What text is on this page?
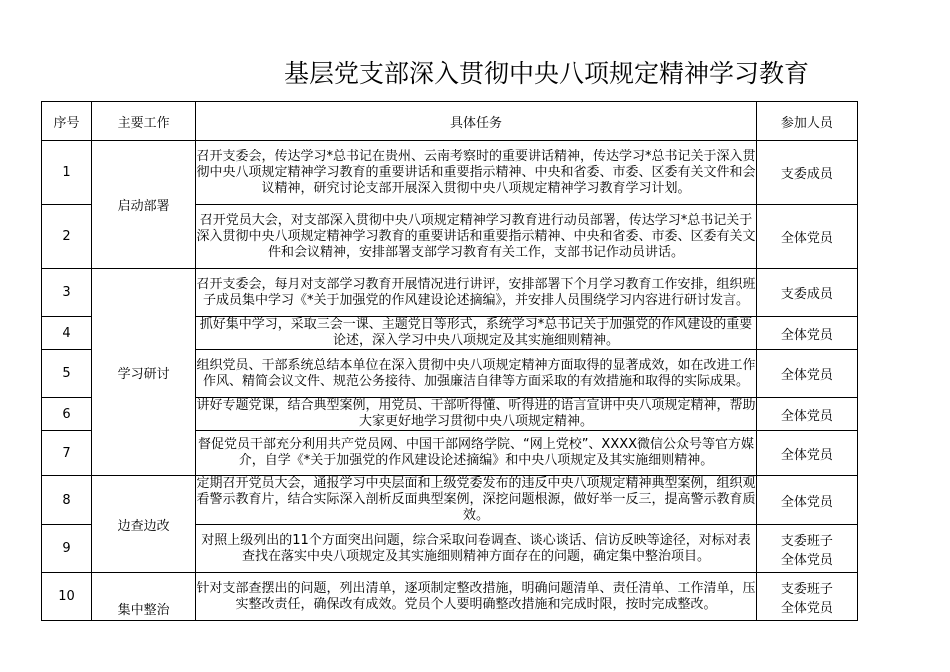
基层党支部深入贯彻中央八项规定精神学习教育
序号	主要工作	具体任务	参加人员
1	启动部署	召开支委会，传达学习*总书记在贵州、云南考察时的重要讲话精神，传达学习*总书记关于深入贯彻中央八项规定精神学习教育的重要讲话和重要指示精神、中央和省委、市委、区委有关文件和会议精神，研究讨论支部开展深入贯彻中央八项规定精神学习教育学习计划。	支委成员

2		召开党员大会，对支部深入贯彻中央八项规定精神学习教育进行动员部署，传达学习*总书记关于深入贯彻中央八项规定精神学习教育的重要讲话和重要指示精神、中央和省委、市委、区委有关文件和会议精神，安排部署支部学习教育有关工作，支部书记作动员讲话。	全体党员

3	学习研讨	召开支委会，每月对支部学习教育开展情况进行讲评，安排部署下个月学习教育工作安排，组织班子成员集中学习《*关于加强党的作风建设论述摘编》，并安排人员围绕学习内容进行研讨发言。	支委成员

4		抓好集中学习，采取三会一课、主题党日等形式，系统学习*总书记关于加强党的作风建设的重要论述，深入学习中央八项规定及其实施细则精神。	全体党员

5		组织党员、干部系统总结本单位在深入贯彻中央八项规定精神方面取得的显著成效，如在改进工作作风、精简会议文件、规范公务接待、加强廉洁自律等方面采取的有效措施和取得的实际成果。	全体党员

6		讲好专题党课，结合典型案例，用党员、干部听得懂、听得进的语言宣讲中央八项规定精神，帮助大家更好地学习贯彻中央八项规定精神。	全体党员

7		督促党员干部充分利用共产党员网、中国干部网络学院、“网上党校”、XXXX微信公众号等官方媒介，自学《*关于加强党的作风建设论述摘编》和中央八项规定及其实施细则精神。	全体党员

8	边查边改	定期召开党员大会，通报学习中央层面和上级党委发布的违反中央八项规定精神典型案例，组织观看警示教育片，结合实际深入剖析反面典型案例，深挖问题根源，做好举一反三，提高警示教育质效。	全体党员

9		对照上级列出的11个方面突出问题，综合采取问卷调查、谈心谈话、信访反映等途径，对标对表查找在落实中央八项规定及其实施细则精神方面存在的问题，确定集中整治项目。	支委班子
全体党员

10	集中整治	针对支部查摆出的问题，列出清单，逐项制定整改措施，明确问题清单、责任清单、工作清单，压实整改责任，确保改有成效。党员个人要明确整改措施和完成时限，按时完成整改。	支委班子
全体党员
